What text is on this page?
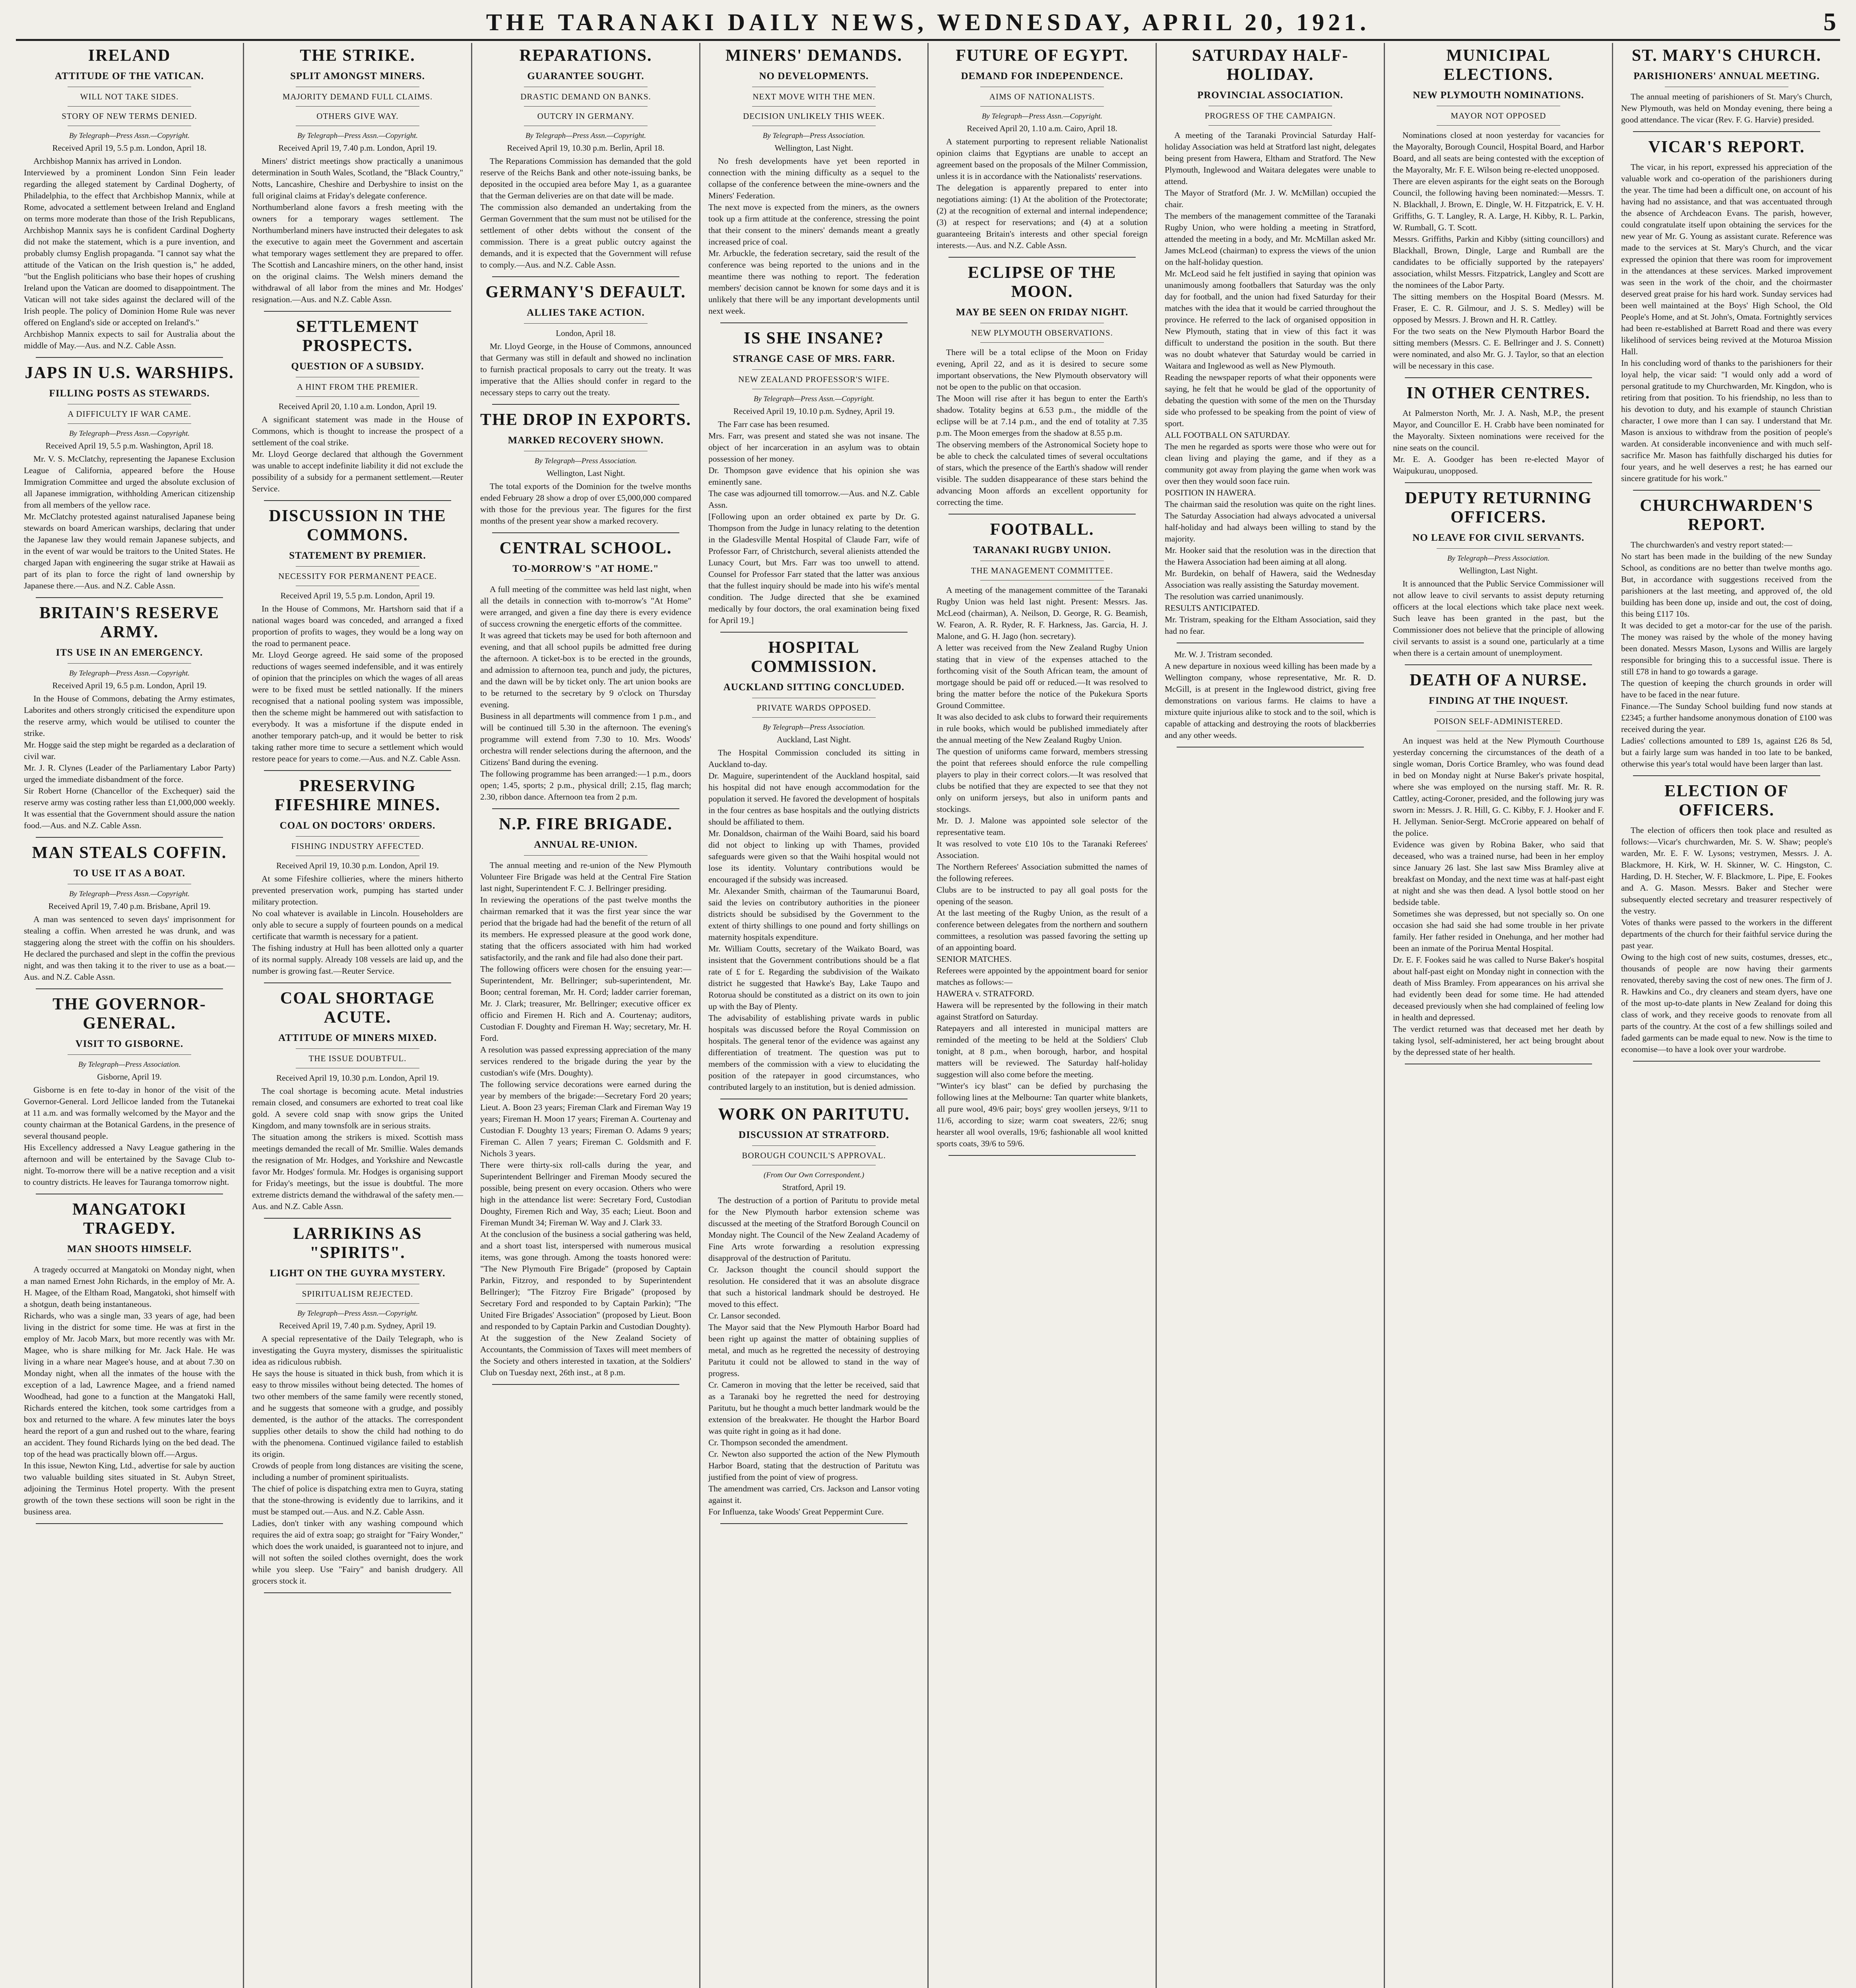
THE TARANAKI DAILY NEWS, WEDNESDAY, APRIL 20, 1921.	5
IRELAND
ATTITUDE OF THE VATICAN.
WILL NOT TAKE SIDES.
STORY OF NEW TERMS DENIED.

By Telegraph—Press Assn.—Copyright.

Received April 19, 5.5 p.m. London, April 18.

Archbishop Mannix has arrived in London.
Interviewed by a prominent London Sinn Fein leader regarding the alleged statement by Cardinal Dogherty, of Philadelphia, to the effect that Archbishop Mannix, while at Rome, advocated a settlement between Ireland and England on terms more moderate than those of the Irish Republicans, Archbishop Mannix says he is confident Cardinal Dogherty did not make the statement, which is a pure invention, and probably clumsy English propaganda. "I cannot say what the attitude of the Vatican on the Irish question is," he added, "but the English politicians who base their hopes of crushing Ireland upon the Vatican are doomed to disappointment. The Vatican will not take sides against the declared will of the Irish people. The policy of Dominion Home Rule was never offered on England's side or accepted on Ireland's."
Archbishop Mannix expects to sail for Australia about the middle of May.—Aus. and N.Z. Cable Assn.

JAPS IN U.S. WARSHIPS.
FILLING POSTS AS STEWARDS.
A DIFFICULTY IF WAR CAME.

By Telegraph—Press Assn.—Copyright.

Received April 19, 5.5 p.m. Washington, April 18.

Mr. V. S. McClatchy, representing the Japanese Exclusion League of California, appeared before the House Immigration Committee and urged the absolute exclusion of all Japanese immigration, withholding American citizenship from all members of the yellow race.
Mr. McClatchy protested against naturalised Japanese being stewards on board American warships, declaring that under the Japanese law they would remain Japanese subjects, and in the event of war would be traitors to the United States. He charged Japan with engineering the sugar strike at Hawaii as part of its plan to force the right of land ownership by Japanese there.—Aus. and N.Z. Cable Assn.

BRITAIN'S RESERVE ARMY.
ITS USE IN AN EMERGENCY.

By Telegraph—Press Assn.—Copyright.

Received April 19, 6.5 p.m. London, April 19.

In the House of Commons, debating the Army estimates, Laborites and others strongly criticised the expenditure upon the reserve army, which would be utilised to counter the strike.
Mr. Hogge said the step might be regarded as a declaration of civil war.
Mr. J. R. Clynes (Leader of the Parliamentary Labor Party) urged the immediate disbandment of the force.
Sir Robert Horne (Chancellor of the Exchequer) said the reserve army was costing rather less than £1,000,000 weekly. It was essential that the Government should assure the nation food.—Aus. and N.Z. Cable Assn.

MAN STEALS COFFIN.
TO USE IT AS A BOAT.

By Telegraph—Press Assn.—Copyright.

Received April 19, 7.40 p.m. Brisbane, April 19.

A man was sentenced to seven days' imprisonment for stealing a coffin. When arrested he was drunk, and was staggering along the street with the coffin on his shoulders. He declared the purchased and slept in the coffin the previous night, and was then taking it to the river to use as a boat.—Aus. and N.Z. Cable Assn.

THE GOVERNOR-GENERAL.
VISIT TO GISBORNE.

By Telegraph—Press Association.

Gisborne, April 19.

Gisborne is en fete to-day in honor of the visit of the Governor-General. Lord Jellicoe landed from the Tutanekai at 11 a.m. and was formally welcomed by the Mayor and the county chairman at the Botanical Gardens, in the presence of several thousand people.
His Excellency addressed a Navy League gathering in the afternoon and will be entertained by the Savage Club to-night. To-morrow there will be a native reception and a visit to country districts. He leaves for Tauranga tomorrow night.

MANGATOKI TRAGEDY.
MAN SHOOTS HIMSELF.

A tragedy occurred at Mangatoki on Monday night, when a man named Ernest John Richards, in the employ of Mr. A. H. Magee, of the Eltham Road, Mangatoki, shot himself with a shotgun, death being instantaneous.
Richards, who was a single man, 33 years of age, had been living in the district for some time. He was at first in the employ of Mr. Jacob Marx, but more recently was with Mr. Magee, who is share milking for Mr. Jack Hale. He was living in a whare near Magee's house, and at about 7.30 on Monday night, when all the inmates of the house with the exception of a lad, Lawrence Magee, and a friend named Woodhead, had gone to a function at the Mangatoki Hall, Richards entered the kitchen, took some cartridges from a box and returned to the whare. A few minutes later the boys heard the report of a gun and rushed out to the whare, fearing an accident. They found Richards lying on the bed dead. The top of the head was practically blown off.—Argus.
In this issue, Newton King, Ltd., advertise for sale by auction two valuable building sites situated in St. Aubyn Street, adjoining the Terminus Hotel property. With the present growth of the town these sections will soon be right in the business area.

THE STRIKE.
SPLIT AMONGST MINERS.
MAJORITY DEMAND FULL CLAIMS.
OTHERS GIVE WAY.

By Telegraph—Press Assn.—Copyright.

Received April 19, 7.40 p.m. London, April 19.

Miners' district meetings show practically a unanimous determination in South Wales, Scotland, the "Black Country," Notts, Lancashire, Cheshire and Derbyshire to insist on the full original claims at Friday's delegate conference.
Northumberland alone favors a fresh meeting with the owners for a temporary wages settlement. The Northumberland miners have instructed their delegates to ask the executive to again meet the Government and ascertain what temporary wages settlement they are prepared to offer. The Scottish and Lancashire miners, on the other hand, insist on the original claims. The Welsh miners demand the withdrawal of all labor from the mines and Mr. Hodges' resignation.—Aus. and N.Z. Cable Assn.

SETTLEMENT PROSPECTS.
QUESTION OF A SUBSIDY.
A HINT FROM THE PREMIER.

Received April 20, 1.10 a.m. London, April 19.

A significant statement was made in the House of Commons, which is thought to increase the prospect of a settlement of the coal strike.
Mr. Lloyd George declared that although the Government was unable to accept indefinite liability it did not exclude the possibility of a subsidy for a permanent settlement.—Reuter Service.

DISCUSSION IN THE COMMONS.
STATEMENT BY PREMIER.
NECESSITY FOR PERMANENT PEACE.

Received April 19, 5.5 p.m. London, April 19.

In the House of Commons, Mr. Hartshorn said that if a national wages board was conceded, and arranged a fixed proportion of profits to wages, they would be a long way on the road to permanent peace.
Mr. Lloyd George agreed. He said some of the proposed reductions of wages seemed indefensible, and it was entirely of opinion that the principles on which the wages of all areas were to be fixed must be settled nationally. If the miners recognised that a national pooling system was impossible, then the scheme might be hammered out with satisfaction to everybody. It was a misfortune if the dispute ended in another temporary patch-up, and it would be better to risk taking rather more time to secure a settlement which would restore peace for years to come.—Aus. and N.Z. Cable Assn.

PRESERVING FIFESHIRE MINES.
COAL ON DOCTORS' ORDERS.
FISHING INDUSTRY AFFECTED.

Received April 19, 10.30 p.m. London, April 19.

At some Fifeshire collieries, where the miners hitherto prevented preservation work, pumping has started under military protection.
No coal whatever is available in Lincoln. Householders are only able to secure a supply of fourteen pounds on a medical certificate that warmth is necessary for a patient.
The fishing industry at Hull has been allotted only a quarter of its normal supply. Already 108 vessels are laid up, and the number is growing fast.—Reuter Service.

COAL SHORTAGE ACUTE.
ATTITUDE OF MINERS MIXED.
THE ISSUE DOUBTFUL.

Received April 19, 10.30 p.m. London, April 19.

The coal shortage is becoming acute. Metal industries remain closed, and consumers are exhorted to treat coal like gold. A severe cold snap with snow grips the United Kingdom, and many townsfolk are in serious straits.
The situation among the strikers is mixed. Scottish mass meetings demanded the recall of Mr. Smillie. Wales demands the resignation of Mr. Hodges, and Yorkshire and Newcastle favor Mr. Hodges' formula. Mr. Hodges is organising support for Friday's meetings, but the issue is doubtful. The more extreme districts demand the withdrawal of the safety men.—Aus. and N.Z. Cable Assn.

LARRIKINS AS "SPIRITS".
LIGHT ON THE GUYRA MYSTERY.
SPIRITUALISM REJECTED.

By Telegraph—Press Assn.—Copyright.

Received April 19, 7.40 p.m. Sydney, April 19.

A special representative of the Daily Telegraph, who is investigating the Guyra mystery, dismisses the spiritualistic idea as ridiculous rubbish.
He says the house is situated in thick bush, from which it is easy to throw missiles without being detected. The homes of two other members of the same family were recently stoned, and he suggests that someone with a grudge, and possibly demented, is the author of the attacks. The correspondent supplies other details to show the child had nothing to do with the phenomena. Continued vigilance failed to establish its origin.
Crowds of people from long distances are visiting the scene, including a number of prominent spiritualists.
The chief of police is dispatching extra men to Guyra, stating that the stone-throwing is evidently due to larrikins, and it must be stamped out.—Aus. and N.Z. Cable Assn.
Ladies, don't tinker with any washing compound which requires the aid of extra soap; go straight for "Fairy Wonder," which does the work unaided, is guaranteed not to injure, and will not soften the soiled clothes overnight, does the work while you sleep. Use "Fairy" and banish drudgery. All grocers stock it.

REPARATIONS.
GUARANTEE SOUGHT.
DRASTIC DEMAND ON BANKS.
OUTCRY IN GERMANY.

By Telegraph—Press Assn.—Copyright.

Received April 19, 10.30 p.m. Berlin, April 18.

The Reparations Commission has demanded that the gold reserve of the Reichs Bank and other note-issuing banks, be deposited in the occupied area before May 1, as a guarantee that the German deliveries are on that date will be made.
The commission also demanded an undertaking from the German Government that the sum must not be utilised for the settlement of other debts without the consent of the commission. There is a great public outcry against the demands, and it is expected that the Government will refuse to comply.—Aus. and N.Z. Cable Assn.

GERMANY'S DEFAULT.
ALLIES TAKE ACTION.

London, April 18.

Mr. Lloyd George, in the House of Commons, announced that Germany was still in default and showed no inclination to furnish practical proposals to carry out the treaty. It was imperative that the Allies should confer in regard to the necessary steps to carry out the treaty.

THE DROP IN EXPORTS.
MARKED RECOVERY SHOWN.

By Telegraph—Press Association.

Wellington, Last Night.

The total exports of the Dominion for the twelve months ended February 28 show a drop of over £5,000,000 compared with those for the previous year. The figures for the first months of the present year show a marked recovery.

CENTRAL SCHOOL.
TO-MORROW'S "AT HOME."

A full meeting of the committee was held last night, when all the details in connection with to-morrow's "At Home" were arranged, and given a fine day there is every evidence of success crowning the energetic efforts of the committee.
It was agreed that tickets may be used for both afternoon and evening, and that all school pupils be admitted free during the afternoon. A ticket-box is to be erected in the grounds, and admission to afternoon tea, punch and judy, the pictures, and the dawn will be by ticket only. The art union books are to be returned to the secretary by 9 o'clock on Thursday evening.
Business in all departments will commence from 1 p.m., and will be continued till 5.30 in the afternoon. The evening's programme will extend from 7.30 to 10. Mrs. Woods' orchestra will render selections during the afternoon, and the Citizens' Band during the evening.
The following programme has been arranged:—1 p.m., doors open; 1.45, sports; 2 p.m., physical drill; 2.15, flag march; 2.30, ribbon dance. Afternoon tea from 2 p.m.

N.P. FIRE BRIGADE.
ANNUAL RE-UNION.

The annual meeting and re-union of the New Plymouth Volunteer Fire Brigade was held at the Central Fire Station last night, Superintendent F. C. J. Bellringer presiding.
In reviewing the operations of the past twelve months the chairman remarked that it was the first year since the war period that the brigade had had the benefit of the return of all its members. He expressed pleasure at the good work done, stating that the officers associated with him had worked satisfactorily, and the rank and file had also done their part.
The following officers were chosen for the ensuing year:—Superintendent, Mr. Bellringer; sub-superintendent, Mr. Boon; central foreman, Mr. H. Cord; ladder carrier foreman, Mr. J. Clark; treasurer, Mr. Bellringer; executive officer ex officio and Firemen H. Rich and A. Courtenay; auditors, Custodian F. Doughty and Fireman H. Way; secretary, Mr. H. Ford.
A resolution was passed expressing appreciation of the many services rendered to the brigade during the year by the custodian's wife (Mrs. Doughty).
The following service decorations were earned during the year by members of the brigade:—Secretary Ford 20 years; Lieut. A. Boon 23 years; Fireman Clark and Fireman Way 19 years; Fireman H. Moon 17 years; Fireman A. Courtenay and Custodian F. Doughty 13 years; Fireman O. Adams 9 years; Fireman C. Allen 7 years; Fireman C. Goldsmith and F. Nichols 3 years.
There were thirty-six roll-calls during the year, and Superintendent Bellringer and Fireman Moody secured the possible, being present on every occasion. Others who were high in the attendance list were: Secretary Ford, Custodian Doughty, Firemen Rich and Way, 35 each; Lieut. Boon and Fireman Mundt 34; Fireman W. Way and J. Clark 33.
At the conclusion of the business a social gathering was held, and a short toast list, interspersed with numerous musical items, was gone through. Among the toasts honored were: "The New Plymouth Fire Brigade" (proposed by Captain Parkin, Fitzroy, and responded to by Superintendent Bellringer); "The Fitzroy Fire Brigade" (proposed by Secretary Ford and responded to by Captain Parkin); "The United Fire Brigades' Association" (proposed by Lieut. Boon and responded to by Captain Parkin and Custodian Doughty).
At the suggestion of the New Zealand Society of Accountants, the Commission of Taxes will meet members of the Society and others interested in taxation, at the Soldiers' Club on Tuesday next, 26th inst., at 8 p.m.

MINERS' DEMANDS.
NO DEVELOPMENTS.
NEXT MOVE WITH THE MEN.
DECISION UNLIKELY THIS WEEK.

By Telegraph—Press Association.

Wellington, Last Night.

No fresh developments have yet been reported in connection with the mining difficulty as a sequel to the collapse of the conference between the mine-owners and the Miners' Federation.
The next move is expected from the miners, as the owners took up a firm attitude at the conference, stressing the point that their consent to the miners' demands meant a greatly increased price of coal.
Mr. Arbuckle, the federation secretary, said the result of the conference was being reported to the unions and in the meantime there was nothing to report. The federation members' decision cannot be known for some days and it is unlikely that there will be any important developments until next week.

IS SHE INSANE?
STRANGE CASE OF MRS. FARR.
NEW ZEALAND PROFESSOR'S WIFE.

By Telegraph—Press Assn.—Copyright.

Received April 19, 10.10 p.m. Sydney, April 19.

The Farr case has been resumed.
Mrs. Farr, was present and stated she was not insane. The object of her incarceration in an asylum was to obtain possession of her money.
Dr. Thompson gave evidence that his opinion she was eminently sane.
The case was adjourned till tomorrow.—Aus. and N.Z. Cable Assn.
[Following upon an order obtained ex parte by Dr. G. Thompson from the Judge in lunacy relating to the detention in the Gladesville Mental Hospital of Claude Farr, wife of Professor Farr, of Christchurch, several alienists attended the Lunacy Court, but Mrs. Farr was too unwell to attend. Counsel for Professor Farr stated that the latter was anxious that the fullest inquiry should be made into his wife's mental condition. The Judge directed that she be examined medically by four doctors, the oral examination being fixed for April 19.]

HOSPITAL COMMISSION.
AUCKLAND SITTING CONCLUDED.
PRIVATE WARDS OPPOSED.

By Telegraph—Press Association.

Auckland, Last Night.

The Hospital Commission concluded its sitting in Auckland to-day.
Dr. Maguire, superintendent of the Auckland hospital, said his hospital did not have enough accommodation for the population it served. He favored the development of hospitals in the four centres as base hospitals and the outlying districts should be affiliated to them.
Mr. Donaldson, chairman of the Waihi Board, said his board did not object to linking up with Thames, provided safeguards were given so that the Waihi hospital would not lose its identity. Voluntary contributions would be encouraged if the subsidy was increased.
Mr. Alexander Smith, chairman of the Taumarunui Board, said the levies on contributory authorities in the pioneer districts should be subsidised by the Government to the extent of thirty shillings to one pound and forty shillings on maternity hospitals expenditure.
Mr. William Coutts, secretary of the Waikato Board, was insistent that the Government contributions should be a flat rate of £ for £. Regarding the subdivision of the Waikato district he suggested that Hawke's Bay, Lake Taupo and Rotorua should be constituted as a district on its own to join up with the Bay of Plenty.
The advisability of establishing private wards in public hospitals was discussed before the Royal Commission on hospitals. The general tenor of the evidence was against any differentiation of treatment. The question was put to members of the commission with a view to elucidating the position of the ratepayer in good circumstances, who contributed largely to an institution, but is denied admission.

WORK ON PARITUTU.
DISCUSSION AT STRATFORD.
BOROUGH COUNCIL'S APPROVAL.

(From Our Own Correspondent.)

Stratford, April 19.

The destruction of a portion of Paritutu to provide metal for the New Plymouth harbor extension scheme was discussed at the meeting of the Stratford Borough Council on Monday night. The Council of the New Zealand Academy of Fine Arts wrote forwarding a resolution expressing disapproval of the destruction of Paritutu.
Cr. Jackson thought the council should support the resolution. He considered that it was an absolute disgrace that such a historical landmark should be destroyed. He moved to this effect.
Cr. Lansor seconded.
The Mayor said that the New Plymouth Harbor Board had been right up against the matter of obtaining supplies of metal, and much as he regretted the necessity of destroying Paritutu it could not be allowed to stand in the way of progress.
Cr. Cameron in moving that the letter be received, said that as a Taranaki boy he regretted the need for destroying Paritutu, but he thought a much better landmark would be the extension of the breakwater. He thought the Harbor Board was quite right in going as it had done.
Cr. Thompson seconded the amendment.
Cr. Newton also supported the action of the New Plymouth Harbor Board, stating that the destruction of Paritutu was justified from the point of view of progress.
The amendment was carried, Crs. Jackson and Lansor voting against it.
For Influenza, take Woods' Great Peppermint Cure.

FUTURE OF EGYPT.
DEMAND FOR INDEPENDENCE.
AIMS OF NATIONALISTS.

By Telegraph—Press Assn.—Copyright.

Received April 20, 1.10 a.m. Cairo, April 18.

A statement purporting to represent reliable Nationalist opinion claims that Egyptians are unable to accept an agreement based on the proposals of the Milner Commission, unless it is in accordance with the Nationalists' reservations.
The delegation is apparently prepared to enter into negotiations aiming: (1) At the abolition of the Protectorate; (2) at the recognition of external and internal independence; (3) at respect for reservations; and (4) at a solution guaranteeing Britain's interests and other special foreign interests.—Aus. and N.Z. Cable Assn.

ECLIPSE OF THE MOON.
MAY BE SEEN ON FRIDAY NIGHT.
NEW PLYMOUTH OBSERVATIONS.

There will be a total eclipse of the Moon on Friday evening, April 22, and as it is desired to secure some important observations, the New Plymouth observatory will not be open to the public on that occasion.
The Moon will rise after it has begun to enter the Earth's shadow. Totality begins at 6.53 p.m., the middle of the eclipse will be at 7.14 p.m., and the end of totality at 7.35 p.m. The Moon emerges from the shadow at 8.55 p.m.
The observing members of the Astronomical Society hope to be able to check the calculated times of several occultations of stars, which the presence of the Earth's shadow will render visible. The sudden disappearance of these stars behind the advancing Moon affords an excellent opportunity for correcting the time.

FOOTBALL.
TARANAKI RUGBY UNION.
THE MANAGEMENT COMMITTEE.

A meeting of the management committee of the Taranaki Rugby Union was held last night. Present: Messrs. Jas. McLeod (chairman), A. Neilson, D. George, R. G. Beamish, W. Fearon, A. R. Ryder, R. F. Harkness, Jas. Garcia, H. J. Malone, and G. H. Jago (hon. secretary).
A letter was received from the New Zealand Rugby Union stating that in view of the expenses attached to the forthcoming visit of the South African team, the amount of mortgage should be paid off or reduced.—It was resolved to bring the matter before the notice of the Pukekura Sports Ground Committee.
It was also decided to ask clubs to forward their requirements in rule books, which would be published immediately after the annual meeting of the New Zealand Rugby Union.
The question of uniforms came forward, members stressing the point that referees should enforce the rule compelling players to play in their correct colors.—It was resolved that clubs be notified that they are expected to see that they not only on uniform jerseys, but also in uniform pants and stockings.
Mr. D. J. Malone was appointed sole selector of the representative team.
It was resolved to vote £10 10s to the Taranaki Referees' Association.
The Northern Referees' Association submitted the names of the following referees.
Clubs are to be instructed to pay all goal posts for the opening of the season.
At the last meeting of the Rugby Union, as the result of a conference between delegates from the northern and southern committees, a resolution was passed favoring the setting up of an appointing board.
SENIOR MATCHES.
Referees were appointed by the appointment board for senior matches as follows:—
HAWERA v. STRATFORD.
Hawera will be represented by the following in their match against Stratford on Saturday.
Ratepayers and all interested in municipal matters are reminded of the meeting to be held at the Soldiers' Club tonight, at 8 p.m., when borough, harbor, and hospital matters will be reviewed. The Saturday half-holiday suggestion will also come before the meeting.
"Winter's icy blast" can be defied by purchasing the following lines at the Melbourne: Tan quarter white blankets, all pure wool, 49/6 pair; boys' grey woollen jerseys, 9/11 to 11/6, according to size; warm coat sweaters, 22/6; snug hearster all wool overalls, 19/6; fashionable all wool knitted sports coats, 39/6 to 59/6.

SATURDAY HALF-HOLIDAY.
PROVINCIAL ASSOCIATION.
PROGRESS OF THE CAMPAIGN.

A meeting of the Taranaki Provincial Saturday Half-holiday Association was held at Stratford last night, delegates being present from Hawera, Eltham and Stratford. The New Plymouth, Inglewood and Waitara delegates were unable to attend.
The Mayor of Stratford (Mr. J. W. McMillan) occupied the chair.
The members of the management committee of the Taranaki Rugby Union, who were holding a meeting in Stratford, attended the meeting in a body, and Mr. McMillan asked Mr. James McLeod (chairman) to express the views of the union on the half-holiday question.
Mr. McLeod said he felt justified in saying that opinion was unanimously among footballers that Saturday was the only day for football, and the union had fixed Saturday for their matches with the idea that it would be carried throughout the province. He referred to the lack of organised opposition in New Plymouth, stating that in view of this fact it was difficult to understand the position in the south. But there was no doubt whatever that Saturday would be carried in Waitara and Inglewood as well as New Plymouth.
Reading the newspaper reports of what their opponents were saying, he felt that he would be glad of the opportunity of debating the question with some of the men on the Thursday side who professed to be speaking from the point of view of sport.
ALL FOOTBALL ON SATURDAY.
The men he regarded as sports were those who were out for clean living and playing the game, and if they as a community got away from playing the game when work was over then they would soon face ruin.
POSITION IN HAWERA.
The chairman said the resolution was quite on the right lines. The Saturday Association had always advocated a universal half-holiday and had always been willing to stand by the majority.
Mr. Hooker said that the resolution was in the direction that the Hawera Association had been aiming at all along.
Mr. Burdekin, on behalf of Hawera, said the Wednesday Association was really assisting the Saturday movement.
The resolution was carried unanimously.
RESULTS ANTICIPATED.
Mr. Tristram, speaking for the Eltham Association, said they had no fear.

Mr. W. J. Tristram seconded.
A new departure in noxious weed killing has been made by a Wellington company, whose representative, Mr. R. D. McGill, is at present in the Inglewood district, giving free demonstrations on various farms. He claims to have a mixture quite injurious alike to stock and to the soil, which is capable of attacking and destroying the roots of blackberries and any other weeds.

MUNICIPAL ELECTIONS.
NEW PLYMOUTH NOMINATIONS.
MAYOR NOT OPPOSED

Nominations closed at noon yesterday for vacancies for the Mayoralty, Borough Council, Hospital Board, and Harbor Board, and all seats are being contested with the exception of the Mayoralty, Mr. F. E. Wilson being re-elected unopposed.
There are eleven aspirants for the eight seats on the Borough Council, the following having been nominated:—Messrs. T. N. Blackhall, J. Brown, E. Dingle, W. H. Fitzpatrick, E. V. H. Griffiths, G. T. Langley, R. A. Large, H. Kibby, R. L. Parkin, W. Rumball, G. T. Scott.
Messrs. Griffiths, Parkin and Kibby (sitting councillors) and Blackhall, Brown, Dingle, Large and Rumball are the candidates to be officially supported by the ratepayers' association, whilst Messrs. Fitzpatrick, Langley and Scott are the nominees of the Labor Party.
The sitting members on the Hospital Board (Messrs. M. Fraser, E. C. R. Gilmour, and J. S. S. Medley) will be opposed by Messrs. J. Brown and H. R. Cattley.
For the two seats on the New Plymouth Harbor Board the sitting members (Messrs. C. E. Bellringer and J. S. Connett) were nominated, and also Mr. G. J. Taylor, so that an election will be necessary in this case.

IN OTHER CENTRES.

At Palmerston North, Mr. J. A. Nash, M.P., the present Mayor, and Councillor E. H. Crabb have been nominated for the Mayoralty. Sixteen nominations were received for the nine seats on the council.
Mr. E. A. Goodger has been re-elected Mayor of Waipukurau, unopposed.

DEPUTY RETURNING OFFICERS.
NO LEAVE FOR CIVIL SERVANTS.

By Telegraph—Press Association.

Wellington, Last Night.

It is announced that the Public Service Commissioner will not allow leave to civil servants to assist deputy returning officers at the local elections which take place next week. Such leave has been granted in the past, but the Commissioner does not believe that the principle of allowing civil servants to assist is a sound one, particularly at a time when there is a certain amount of unemployment.

DEATH OF A NURSE.
FINDING AT THE INQUEST.
POISON SELF-ADMINISTERED.

An inquest was held at the New Plymouth Courthouse yesterday concerning the circumstances of the death of a single woman, Doris Cortice Bramley, who was found dead in bed on Monday night at Nurse Baker's private hospital, where she was employed on the nursing staff. Mr. R. R. Cattley, acting-Coroner, presided, and the following jury was sworn in: Messrs. J. R. Hill, G. C. Kibby, F. J. Hooker and F. H. Jellyman. Senior-Sergt. McCrorie appeared on behalf of the police.
Evidence was given by Robina Baker, who said that deceased, who was a trained nurse, had been in her employ since January 26 last. She last saw Miss Bramley alive at breakfast on Monday, and the next time was at half-past eight at night and she was then dead. A lysol bottle stood on her bedside table.
Sometimes she was depressed, but not specially so. On one occasion she had said she had some trouble in her private family. Her father resided in Onehunga, and her mother had been an inmate of the Porirua Mental Hospital.
Dr. E. F. Fookes said he was called to Nurse Baker's hospital about half-past eight on Monday night in connection with the death of Miss Bramley. From appearances on his arrival she had evidently been dead for some time. He had attended deceased previously when she had complained of feeling low in health and depressed.
The verdict returned was that deceased met her death by taking lysol, self-administered, her act being brought about by the depressed state of her health.

ST. MARY'S CHURCH.
PARISHIONERS' ANNUAL MEETING.

The annual meeting of parishioners of St. Mary's Church, New Plymouth, was held on Monday evening, there being a good attendance. The vicar (Rev. F. G. Harvie) presided.

VICAR'S REPORT.

The vicar, in his report, expressed his appreciation of the valuable work and co-operation of the parishioners during the year. The time had been a difficult one, on account of his having had no assistance, and that was accentuated through the absence of Archdeacon Evans. The parish, however, could congratulate itself upon obtaining the services for the new year of Mr. G. Young as assistant curate. Reference was made to the services at St. Mary's Church, and the vicar expressed the opinion that there was room for improvement in the attendances at these services. Marked improvement was seen in the work of the choir, and the choirmaster deserved great praise for his hard work. Sunday services had been well maintained at the Boys' High School, the Old People's Home, and at St. John's, Omata. Fortnightly services had been re-established at Barrett Road and there was every likelihood of services being revived at the Moturoa Mission Hall.
In his concluding word of thanks to the parishioners for their loyal help, the vicar said: "I would only add a word of personal gratitude to my Churchwarden, Mr. Kingdon, who is retiring from that position. To his friendship, no less than to his devotion to duty, and his example of staunch Christian character, I owe more than I can say. I understand that Mr. Mason is anxious to withdraw from the position of people's warden. At considerable inconvenience and with much self-sacrifice Mr. Mason has faithfully discharged his duties for four years, and he well deserves a rest; he has earned our sincere gratitude for his work."

CHURCHWARDEN'S REPORT.

The churchwarden's and vestry report stated:—
No start has been made in the building of the new Sunday School, as conditions are no better than twelve months ago. But, in accordance with suggestions received from the parishioners at the last meeting, and approved of, the old building has been done up, inside and out, the cost of doing, this being £117 10s.
It was decided to get a motor-car for the use of the parish. The money was raised by the whole of the money having been donated. Messrs Mason, Lysons and Willis are largely responsible for bringing this to a successful issue. There is still £78 in hand to go towards a garage.
The question of keeping the church grounds in order will have to be faced in the near future.
Finance.—The Sunday School building fund now stands at £2345; a further handsome anonymous donation of £100 was received during the year.
Ladies' collections amounted to £89 1s, against £26 8s 5d, but a fairly large sum was handed in too late to be banked, otherwise this year's total would have been larger than last.

ELECTION OF OFFICERS.

The election of officers then took place and resulted as follows:—Vicar's churchwarden, Mr. S. W. Shaw; people's warden, Mr. E. F. W. Lysons; vestrymen, Messrs. J. A. Blackmore, H. Kirk, W. H. Skinner, W. C. Hingston, C. Harding, D. H. Stecher, W. F. Blackmore, L. Pipe, E. Fookes and A. G. Mason. Messrs. Baker and Stecher were subsequently elected secretary and treasurer respectively of the vestry.
Votes of thanks were passed to the workers in the different departments of the church for their faithful service during the past year.
Owing to the high cost of new suits, costumes, dresses, etc., thousands of people are now having their garments renovated, thereby saving the cost of new ones. The firm of J. R. Hawkins and Co., dry cleaners and steam dyers, have one of the most up-to-date plants in New Zealand for doing this class of work, and they receive goods to renovate from all parts of the country. At the cost of a few shillings soiled and faded garments can be made equal to new. Now is the time to economise—to have a look over your wardrobe.
